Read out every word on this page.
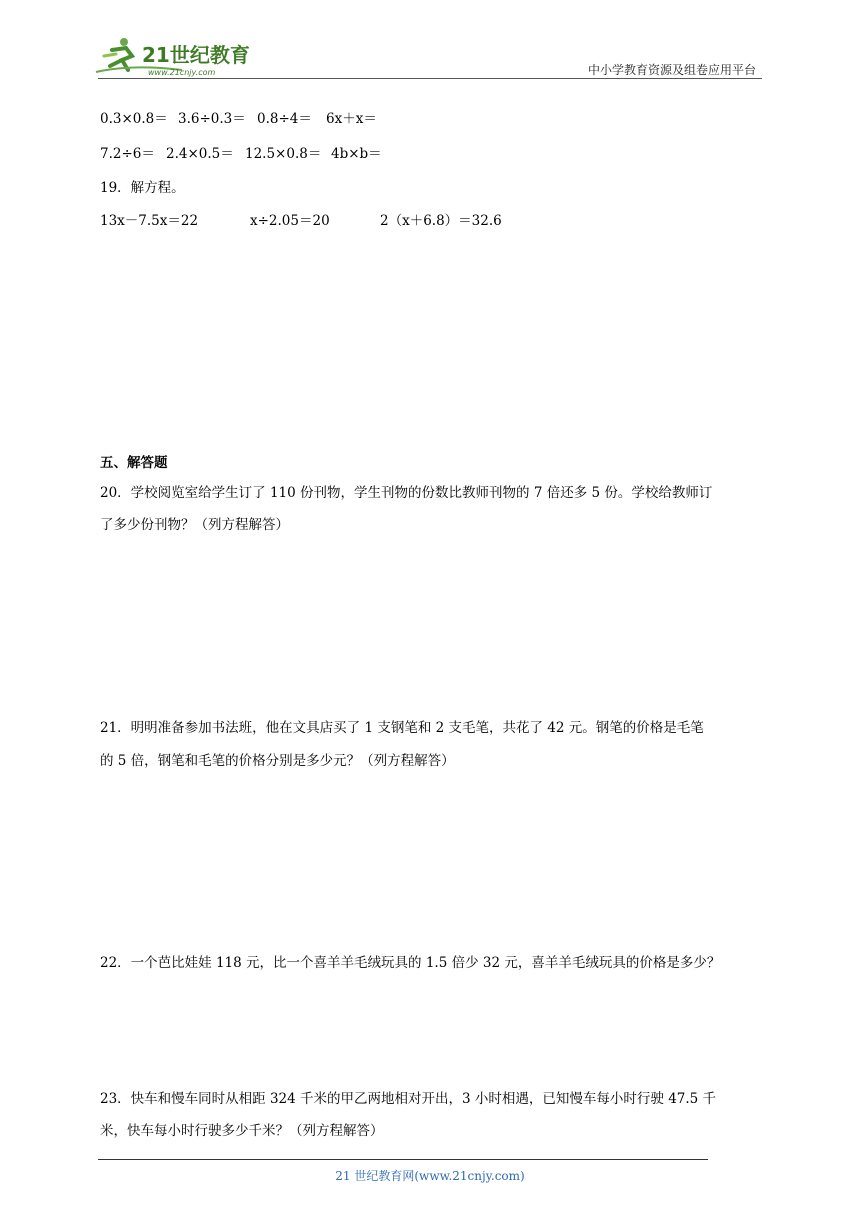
21世纪教育
www.21cnjy.com	中小学教育资源及组卷应用平台
0.3×0.8＝ 3.6÷0.3＝ 0.8÷4＝ 6x＋x＝
7.2÷6＝ 2.4×0.5＝ 12.5×0.8＝ 4b×b＝
19．解方程。
13x－7.5x＝22	x÷2.05＝20	2（x＋6.8）＝32.6
五、解答题
20．学校阅览室给学生订了 110 份刊物，学生刊物的份数比教师刊物的 7 倍还多 5 份。学校给教师订
了多少份刊物？（列方程解答）
21．明明准备参加书法班，他在文具店买了 1 支钢笔和 2 支毛笔，共花了 42 元。钢笔的价格是毛笔
的 5 倍，钢笔和毛笔的价格分别是多少元？（列方程解答）
22．一个芭比娃娃 118 元，比一个喜羊羊毛绒玩具的 1.5 倍少 32 元，喜羊羊毛绒玩具的价格是多少？
23．快车和慢车同时从相距 324 千米的甲乙两地相对开出，3 小时相遇，已知慢车每小时行驶 47.5 千
米，快车每小时行驶多少千米？（列方程解答）
21 世纪教育网(www.21cnjy.com)
